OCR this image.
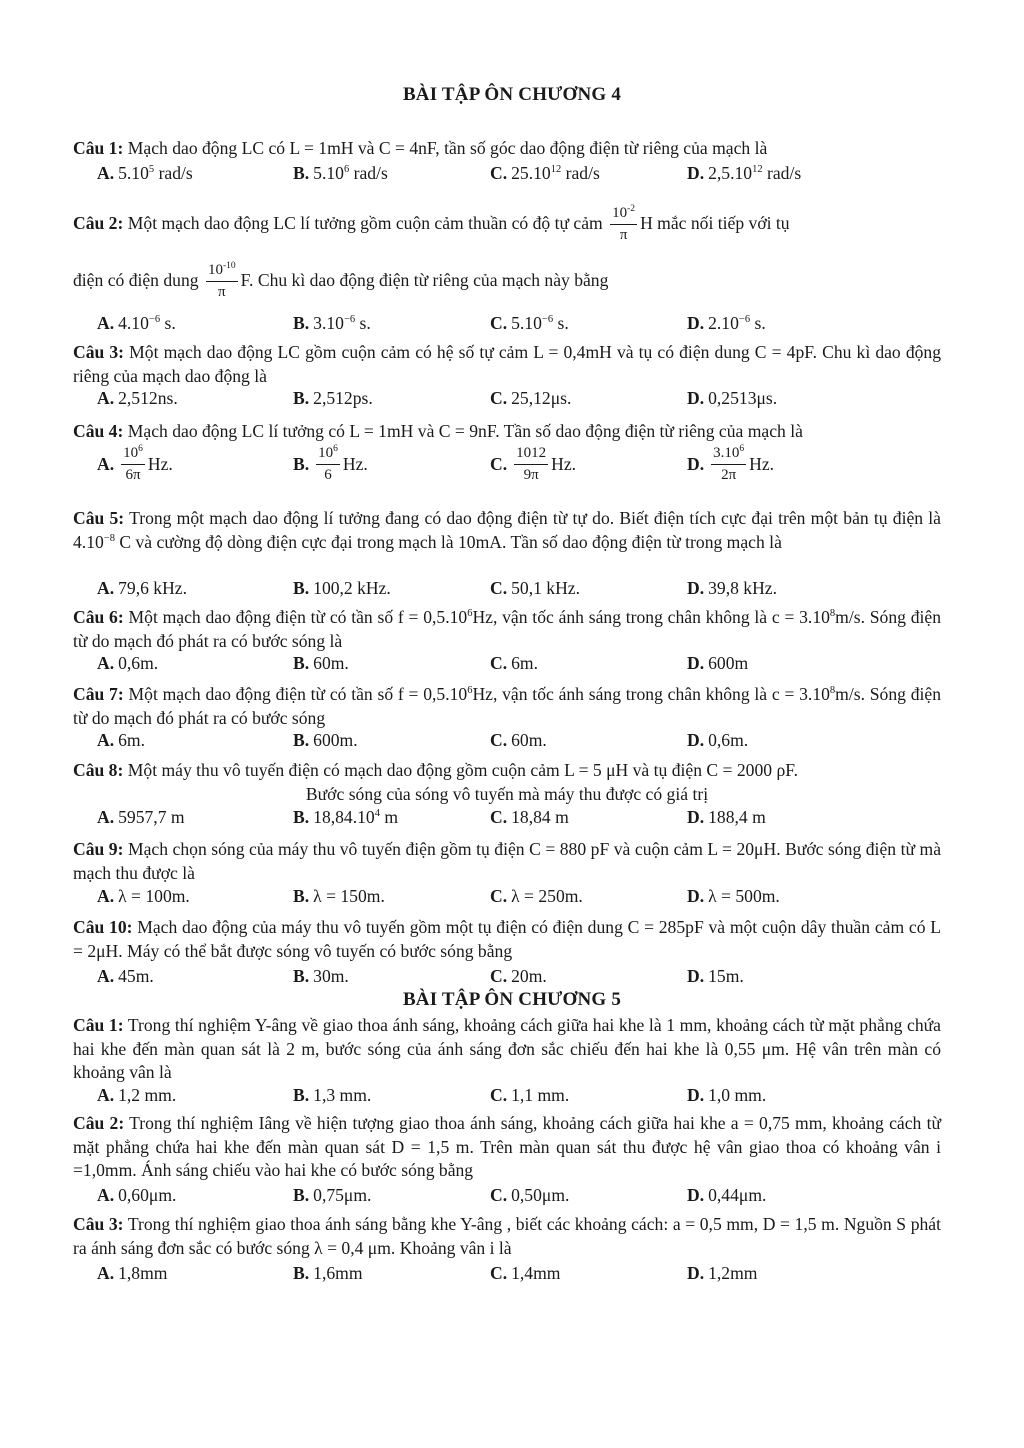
BÀI TẬP ÔN CHƯƠNG 4
Câu 1: Mạch dao động LC có L = 1mH và C = 4nF, tần số góc dao động điện từ riêng của mạch là
A. 5.10$^5$ rad/s	B. 5.10$^6$ rad/s	C. 25.10$^{12}$ rad/s	D. 2,5.10$^{12}$ rad/s
Câu 2: Một mạch dao động LC lí tưởng gồm cuộn cảm thuần có độ tự cảm $\frac{10^{-2}}{\pi}$ H mắc nối tiếp với tụ
điện có điện dung $\frac{10^{-10}}{\pi} F$. Chu kì dao động điện từ riêng của mạch này bằng
A. $4.10^{-6}$ s.	B. $3.10^{-6}$ s.	C. $5.10^{-6}$ s.	D. $2.10^{-6}$ s.
Câu 3: Một mạch dao động LC gồm cuộn cảm có hệ số tự cảm L = 0,4mH và tụ có điện dung C = 4pF. Chu kì dao động riêng của mạch dao động là
A. 2,512ns.	B. 2,512ps.	C. 25,12μs.	D. 0,2513μs.
Câu 4: Mạch dao động LC lí tưởng có L = 1mH và C = 9nF. Tần số dao động điện từ riêng của mạch là
A. $\frac{10^6}{6\pi} Hz$.	B. $\frac{10^6}{6} Hz$.	C. $\frac{1012}{9\pi} Hz$.	D. $\frac{3.10^6}{2\pi} Hz$.
Câu 5: Trong một mạch dao động lí tưởng đang có dao động điện từ tự do. Biết điện tích cực đại trên một bản tụ điện là $4.10^{-8}$ C và cường độ dòng điện cực đại trong mạch là 10mA. Tần số dao động điện từ trong mạch là
A. 79,6 kHz.	B. 100,2 kHz.	C. 50,1 kHz.	D. 39,8 kHz.
Câu 6: Một mạch dao động điện từ có tần số $f = 0,5.10^6Hz$, vận tốc ánh sáng trong chân không là $c = 3.10^8m/s$. Sóng điện từ do mạch đó phát ra có bước sóng là
A. 0,6m.	B. 60m.	C. 6m.	D. 600m
Câu 7: Một mạch dao động điện từ có tần số $f = 0,5.10^6Hz$, vận tốc ánh sáng trong chân không là $c = 3.10^8m/s$. Sóng điện từ do mạch đó phát ra có bước sóng
A. 6m.	B. 600m.	C. 60m.	D. 0,6m.
Câu 8: Một máy thu vô tuyến điện có mạch dao động gồm cuộn cảm L = 5 μH và tụ điện C = 2000 ρF.
Bước sóng của sóng vô tuyến mà máy thu được có giá trị
A. 5957,7 m	B. 18,84.10$^4$ m	C. 18,84 m	D. 188,4 m
Câu 9: Mạch chọn sóng của máy thu vô tuyến điện gồm tụ điện C = 880 pF và cuộn cảm L = 20μH. Bước sóng điện từ mà mạch thu được là
A. λ = 100m.	B. λ = 150m.	C. λ = 250m.	D. λ = 500m.
Câu 10: Mạch dao động của máy thu vô tuyến gồm một tụ điện có điện dung C = 285pF và một cuộn dây thuần cảm có L = 2μH. Máy có thể bắt được sóng vô tuyến có bước sóng bằng
A. 45m.	B. 30m.	C. 20m.	D. 15m.
BÀI TẬP ÔN CHƯƠNG 5
Câu 1: Trong thí nghiệm Y-âng về giao thoa ánh sáng, khoảng cách giữa hai khe là 1 mm, khoảng cách từ mặt phẳng chứa hai khe đến màn quan sát là 2 m, bước sóng của ánh sáng đơn sắc chiếu đến hai khe là 0,55 μm. Hệ vân trên màn có khoảng vân là
A. 1,2 mm.	B. 1,3 mm.	C. 1,1 mm.	D. 1,0 mm.
Câu 2: Trong thí nghiệm Iâng về hiện tượng giao thoa ánh sáng, khoảng cách giữa hai khe a = 0,75 mm, khoảng cách từ mặt phẳng chứa hai khe đến màn quan sát D = 1,5 m. Trên màn quan sát thu được hệ vân giao thoa có khoảng vân i =1,0mm. Ánh sáng chiếu vào hai khe có bước sóng bằng
A. 0,60μm.	B. 0,75μm.	C. 0,50μm.	D. 0,44μm.
Câu 3: Trong thí nghiệm giao thoa ánh sáng bằng khe Y-âng , biết các khoảng cách: a = 0,5 mm, D = 1,5 m. Nguồn S phát ra ánh sáng đơn sắc có bước sóng λ = 0,4 μm. Khoảng vân i là
A. 1,8mm	B. 1,6mm	C. 1,4mm	D. 1,2mm
